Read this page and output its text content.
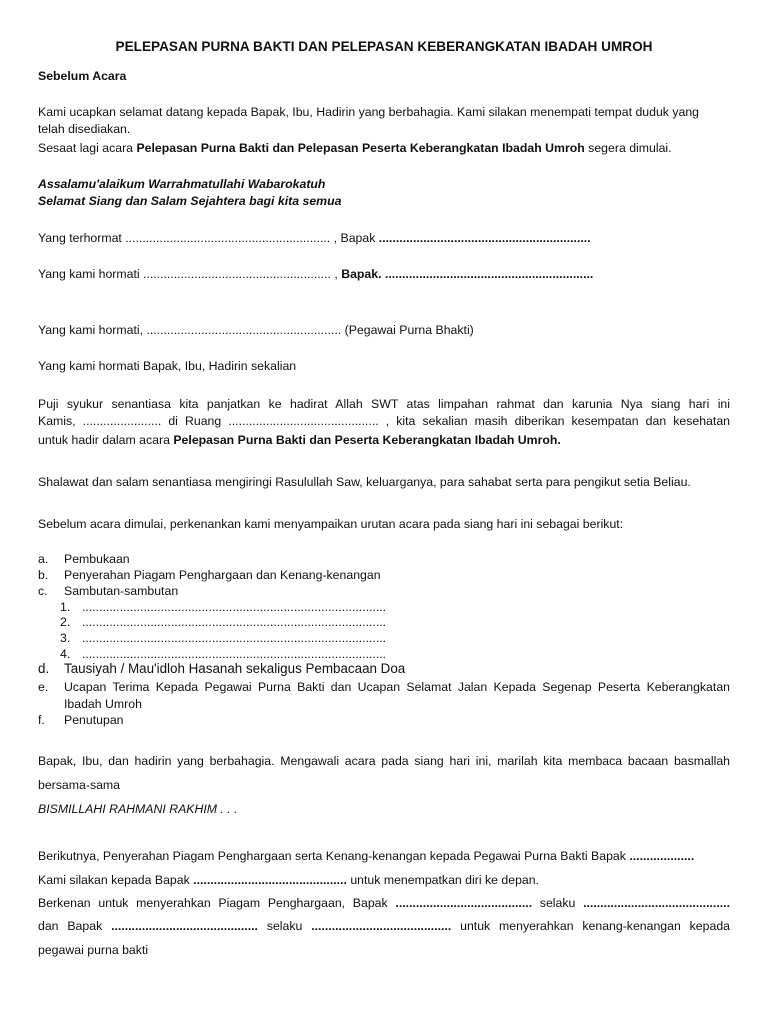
PELEPASAN PURNA BAKTI DAN PELEPASAN KEBERANGKATAN IBADAH UMROH
Sebelum Acara
Kami ucapkan selamat datang kepada Bapak, Ibu, Hadirin yang berbahagia. Kami silakan menempati tempat duduk yang
telah disediakan.
Sesaat lagi acara Pelepasan Purna Bakti dan Pelepasan Peserta Keberangkatan Ibadah Umroh segera dimulai.
Assalamu'alaikum Warrahmatullahi Wabarokatuh
Selamat Siang dan Salam Sejahtera bagi kita semua
Yang terhormat ............................................................ , Bapak ..............................................................
Yang kami hormati ....................................................... , Bapak. .............................................................
Yang kami hormati, ......................................................... (Pegawai Purna Bhakti)
Yang kami hormati Bapak, Ibu, Hadirin sekalian
Puji syukur senantiasa kita panjatkan ke hadirat Allah SWT atas limpahan rahmat dan karunia Nya siang hari ini
Kamis, ....................... di Ruang ............................................ , kita sekalian masih diberikan kesempatan dan kesehatan
untuk hadir dalam acara Pelepasan Purna Bakti dan Peserta Keberangkatan Ibadah Umroh.
Shalawat dan salam senantiasa mengiringi Rasulullah Saw, keluarganya, para sahabat serta para pengikut setia Beliau.
Sebelum acara dimulai, perkenankan kami menyampaikan urutan acara pada siang hari ini sebagai berikut:
a. Pembukaan
b. Penyerahan Piagam Penghargaan dan Kenang-kenangan
c. Sambutan-sambutan
1. .........................................................................................
2. .........................................................................................
3. .........................................................................................
4. .........................................................................................
d. Tausiyah / Mau'idloh Hasanah sekaligus Pembacaan Doa
e. Ucapan Terima Kepada Pegawai Purna Bakti dan Ucapan Selamat Jalan Kepada Segenap Peserta Keberangkatan
Ibadah Umroh
f. Penutupan
Bapak, Ibu, dan hadirin yang berbahagia. Mengawali acara pada siang hari ini, marilah kita membaca bacaan basmallah
bersama-sama
BISMILLAHI RAHMANI RAKHIM . . .
Berikutnya, Penyerahan Piagam Penghargaan serta Kenang-kenangan kepada Pegawai Purna Bakti Bapak ...................
Kami silakan kepada Bapak ............................................. untuk menempatkan diri ke depan.
Berkenan untuk menyerahkan Piagam Penghargaan, Bapak ........................................ selaku ...........................................
dan Bapak ........................................... selaku ......................................... untuk menyerahkan kenang-kenangan kepada
pegawai purna bakti
